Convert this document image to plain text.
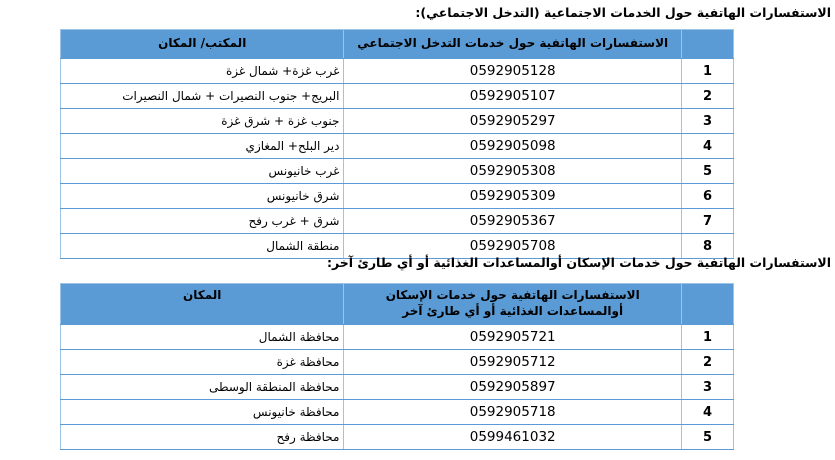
الاستفسارات الهاتفية حول الخدمات الاجتماعية (التدخل الاجتماعي):
	الاستفسارات الهاتفية حول خدمات التدخل الاجتماعي	المكتب/ المكان
1	0592905128	غرب غزة+ شمال غزة
2	0592905107	البريج+ جنوب النصيرات + شمال النصيرات
3	0592905297	جنوب غزة + شرق غزة
4	0592905098	دير البلح+ المغازي
5	0592905308	غرب خانيونس
6	0592905309	شرق خانيونس
7	0592905367	شرق + غرب رفح
8	0592905708	منطقة الشمال
الاستفسارات الهاتفية حول خدمات الإسكان أوالمساعدات الغذائية أو أي طارئ آخر:
	الاستفسارات الهاتفية حول خدمات الإسكان أوالمساعدات الغذائية أو أي طارئ آخر	المكان
1	0592905721	محافظة الشمال
2	0592905712	محافظة غزة
3	0592905897	محافظة المنطقة الوسطى
4	0592905718	محافظة خانيونس
5	0599461032	محافظة رفح
